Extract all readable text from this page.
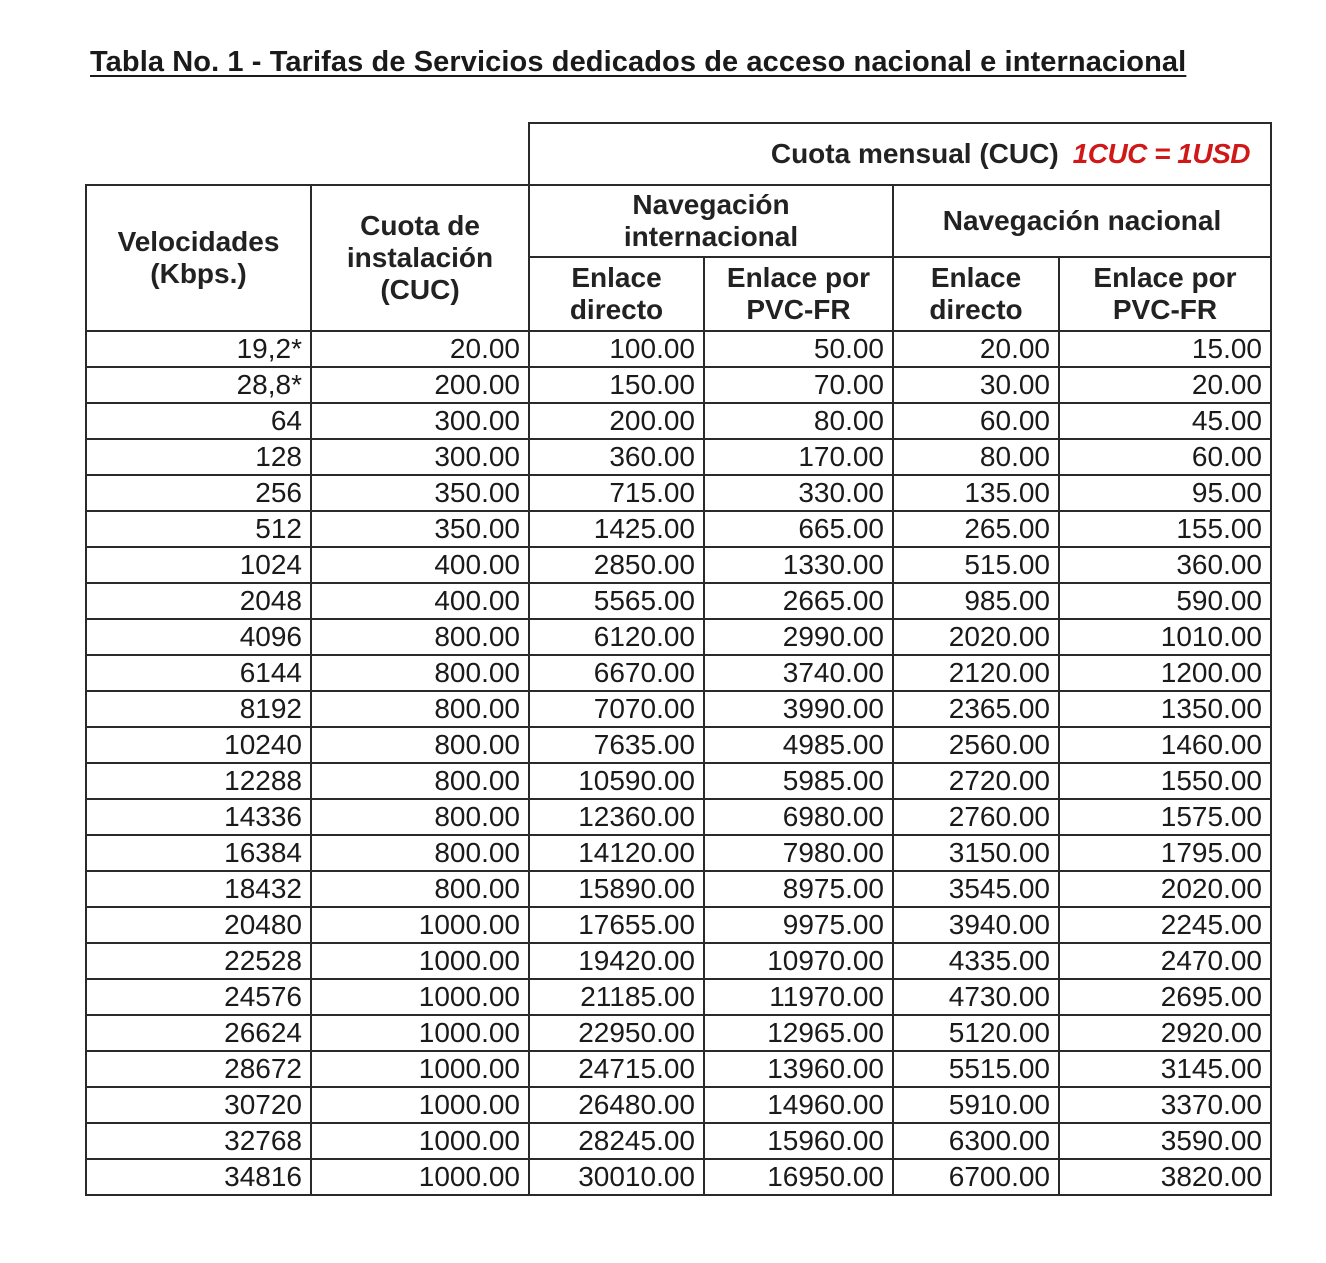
Tabla No. 1 - Tarifas de Servicios dedicados de acceso nacional e internacional
		Cuota mensual (CUC) 1CUC = 1USD			

Velocidades
(Kbps.)	Cuota de
instalación
(CUC)	Navegación
internacional		Navegación nacional	

		Enlace
directo	Enlace por
PVC-FR	Enlace
directo	Enlace por
PVC-FR

19,2*	20.00	100.00	50.00	20.00	15.00
28,8*	200.00	150.00	70.00	30.00	20.00
64	300.00	200.00	80.00	60.00	45.00
128	300.00	360.00	170.00	80.00	60.00
256	350.00	715.00	330.00	135.00	95.00
512	350.00	1425.00	665.00	265.00	155.00
1024	400.00	2850.00	1330.00	515.00	360.00
2048	400.00	5565.00	2665.00	985.00	590.00
4096	800.00	6120.00	2990.00	2020.00	1010.00
6144	800.00	6670.00	3740.00	2120.00	1200.00
8192	800.00	7070.00	3990.00	2365.00	1350.00
10240	800.00	7635.00	4985.00	2560.00	1460.00
12288	800.00	10590.00	5985.00	2720.00	1550.00
14336	800.00	12360.00	6980.00	2760.00	1575.00
16384	800.00	14120.00	7980.00	3150.00	1795.00
18432	800.00	15890.00	8975.00	3545.00	2020.00
20480	1000.00	17655.00	9975.00	3940.00	2245.00
22528	1000.00	19420.00	10970.00	4335.00	2470.00
24576	1000.00	21185.00	11970.00	4730.00	2695.00
26624	1000.00	22950.00	12965.00	5120.00	2920.00
28672	1000.00	24715.00	13960.00	5515.00	3145.00
30720	1000.00	26480.00	14960.00	5910.00	3370.00
32768	1000.00	28245.00	15960.00	6300.00	3590.00
34816	1000.00	30010.00	16950.00	6700.00	3820.00
